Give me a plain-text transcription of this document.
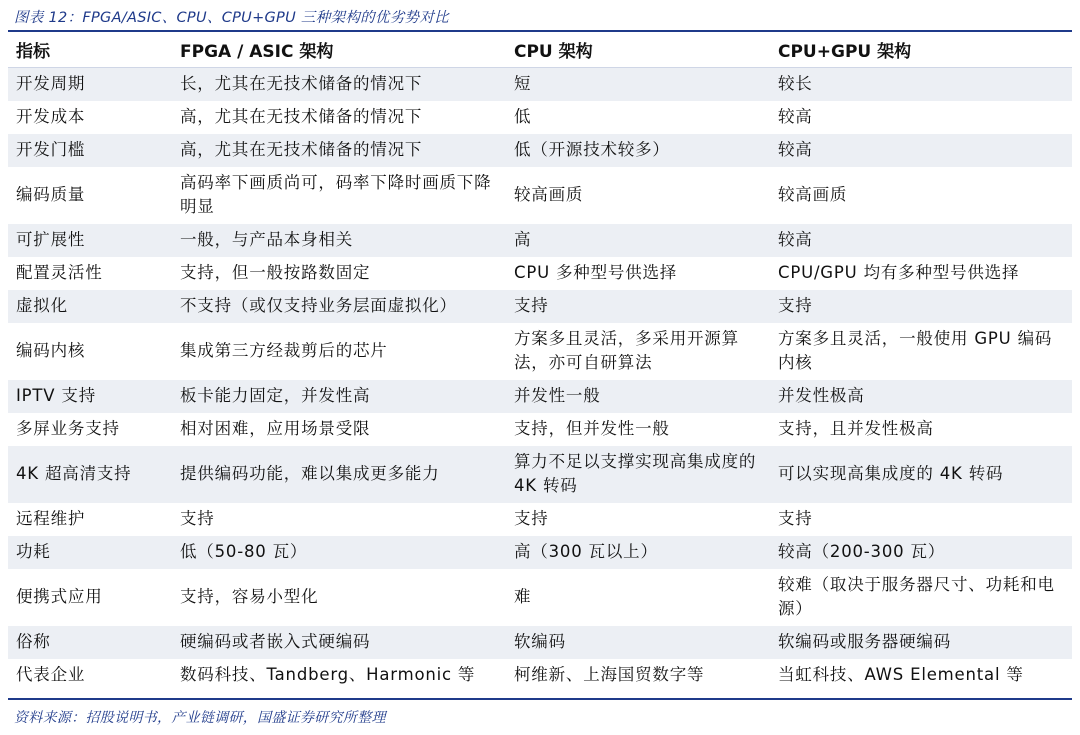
图表 12：FPGA/ASIC、CPU、CPU+GPU 三种架构的优劣势对比
指标	FPGA / ASIC 架构	CPU 架构	CPU+GPU 架构
开发周期	长，尤其在无技术储备的情况下	短	较长
开发成本	高，尤其在无技术储备的情况下	低	较高
开发门槛	高，尤其在无技术储备的情况下	低（开源技术较多）	较高
编码质量	高码率下画质尚可，码率下降时画质下降明显	较高画质	较高画质
可扩展性	一般，与产品本身相关	高	较高
配置灵活性	支持，但一般按路数固定	CPU 多种型号供选择	CPU/GPU 均有多种型号供选择
虚拟化	不支持（或仅支持业务层面虚拟化）	支持	支持
编码内核	集成第三方经裁剪后的芯片	方案多且灵活，多采用开源算法，亦可自研算法	方案多且灵活，一般使用 GPU 编码内核
IPTV 支持	板卡能力固定，并发性高	并发性一般	并发性极高
多屏业务支持	相对困难，应用场景受限	支持，但并发性一般	支持，且并发性极高
4K 超高清支持	提供编码功能，难以集成更多能力	算力不足以支撑实现高集成度的 4K 转码	可以实现高集成度的 4K 转码
远程维护	支持	支持	支持
功耗	低（50-80 瓦）	高（300 瓦以上）	较高（200-300 瓦）
便携式应用	支持，容易小型化	难	较难（取决于服务器尺寸、功耗和电源）
俗称	硬编码或者嵌入式硬编码	软编码	软编码或服务器硬编码
代表企业	数码科技、Tandberg、Harmonic 等	柯维新、上海国贸数字等	当虹科技、AWS Elemental 等
资料来源：招股说明书，产业链调研，国盛证券研究所整理
